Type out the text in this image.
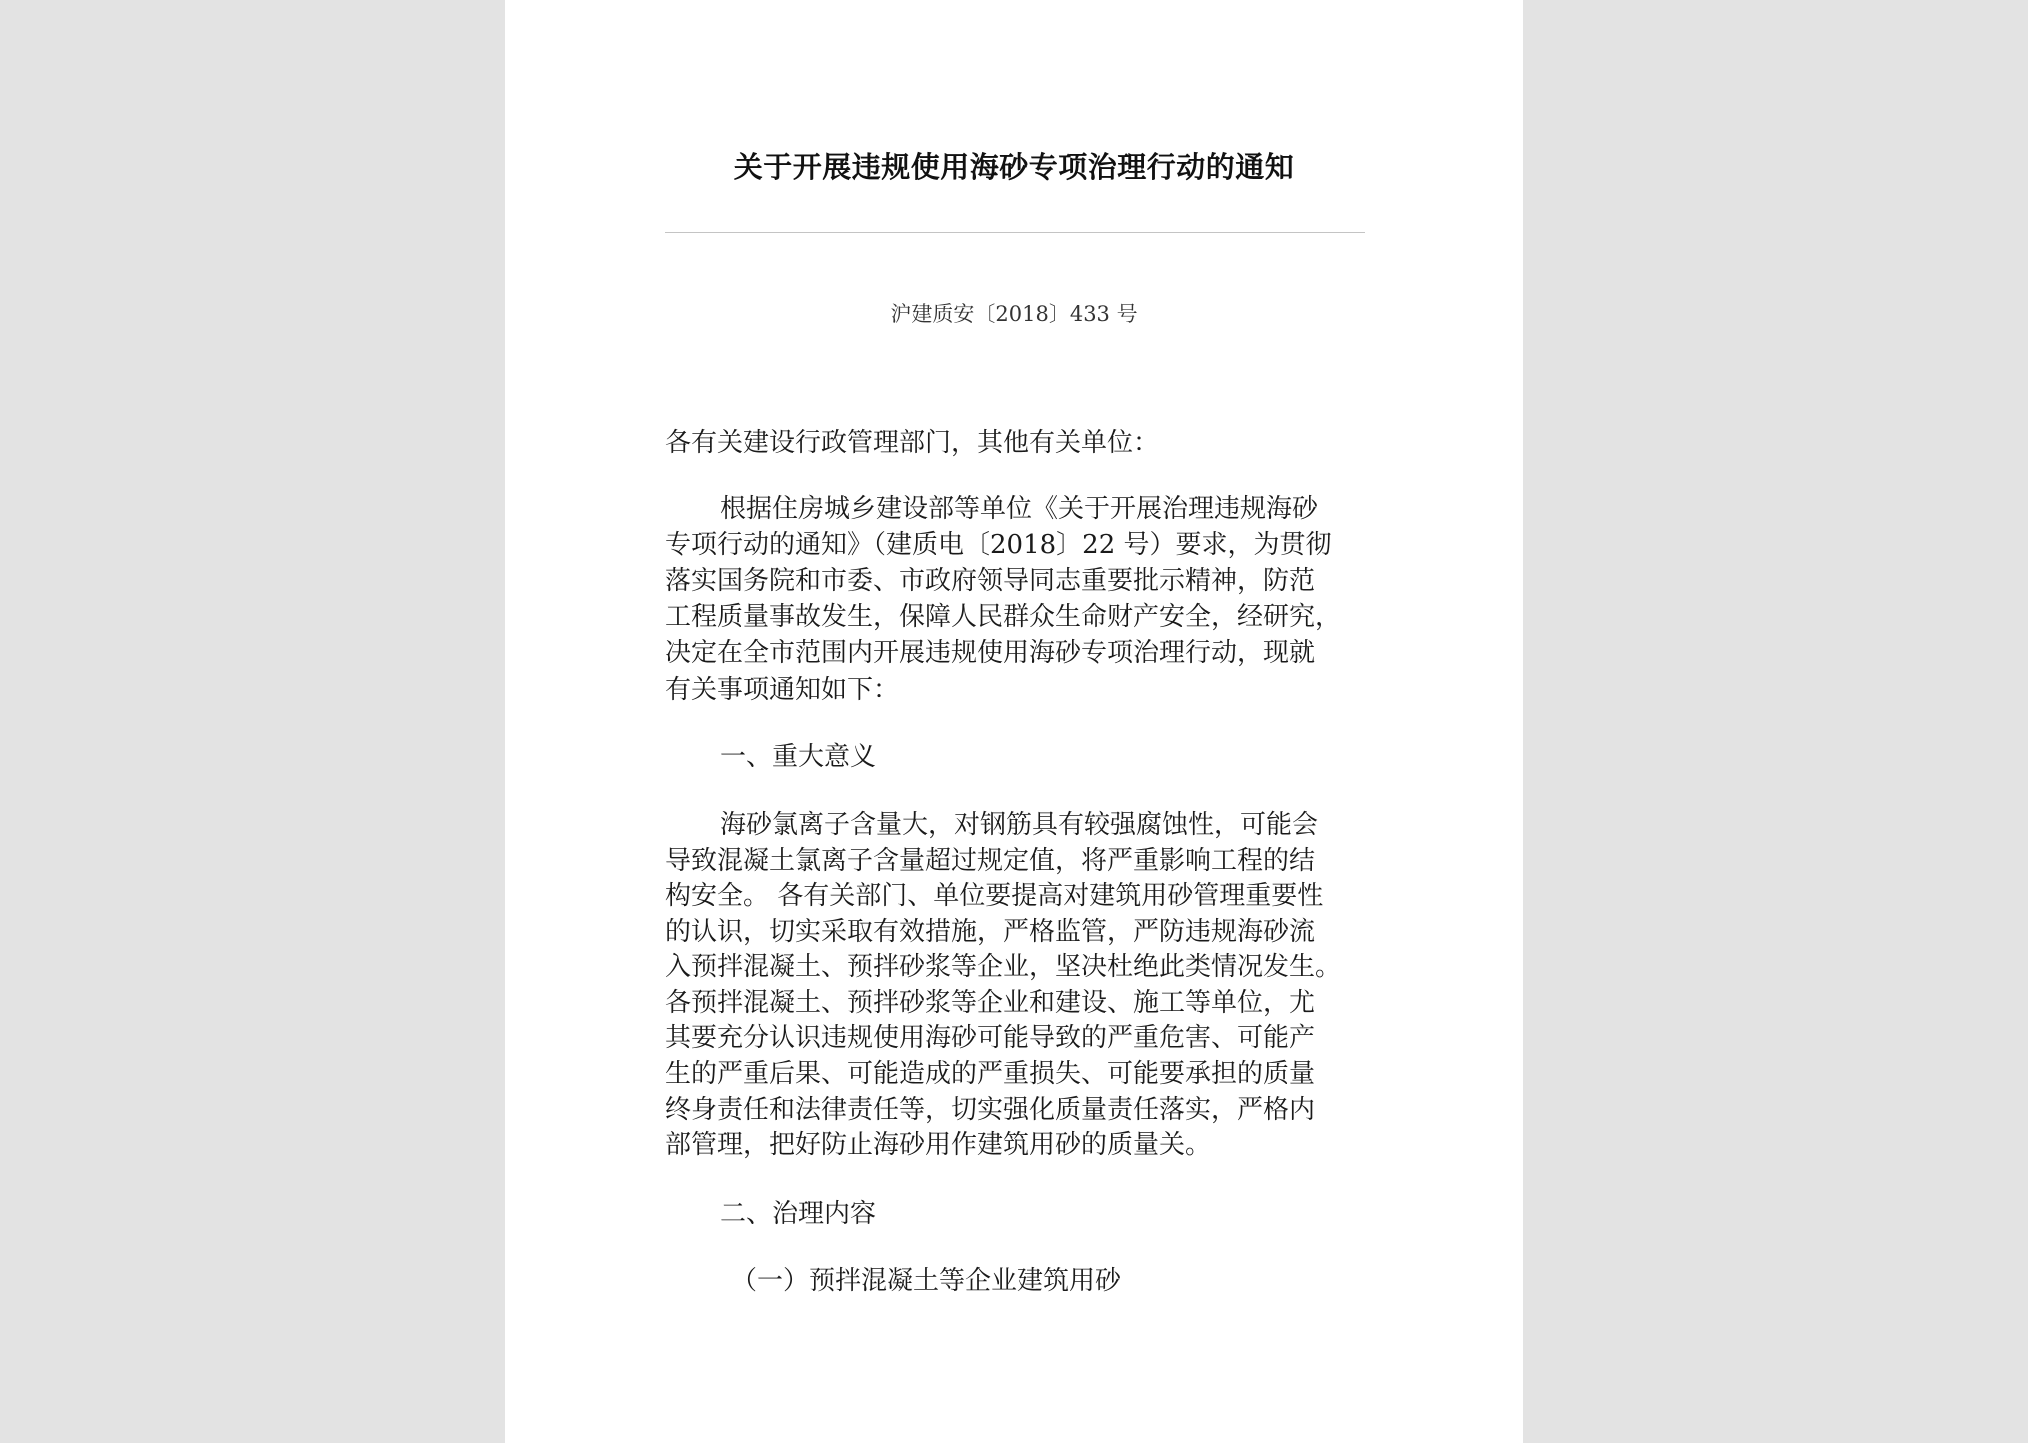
关于开展违规使用海砂专项治理行动的通知
沪建质安〔2018〕433 号
各有关建设行政管理部门，其他有关单位：
根据住房城乡建设部等单位《关于开展治理违规海砂
专项行动的通知》（建质电〔2018〕22 号）要求，为贯彻
落实国务院和市委、市政府领导同志重要批示精神，防范
工程质量事故发生，保障人民群众生命财产安全，经研究，
决定在全市范围内开展违规使用海砂专项治理行动，现就
有关事项通知如下：
一、重大意义
海砂氯离子含量大，对钢筋具有较强腐蚀性，可能会
导致混凝土氯离子含量超过规定值，将严重影响工程的结
构安全。 各有关部门、单位要提高对建筑用砂管理重要性
的认识，切实采取有效措施，严格监管，严防违规海砂流
入预拌混凝土、预拌砂浆等企业，坚决杜绝此类情况发生。
各预拌混凝土、预拌砂浆等企业和建设、施工等单位，尤
其要充分认识违规使用海砂可能导致的严重危害、可能产
生的严重后果、可能造成的严重损失、可能要承担的质量
终身责任和法律责任等，切实强化质量责任落实，严格内
部管理，把好防止海砂用作建筑用砂的质量关。
二、治理内容
（一）预拌混凝土等企业建筑用砂
